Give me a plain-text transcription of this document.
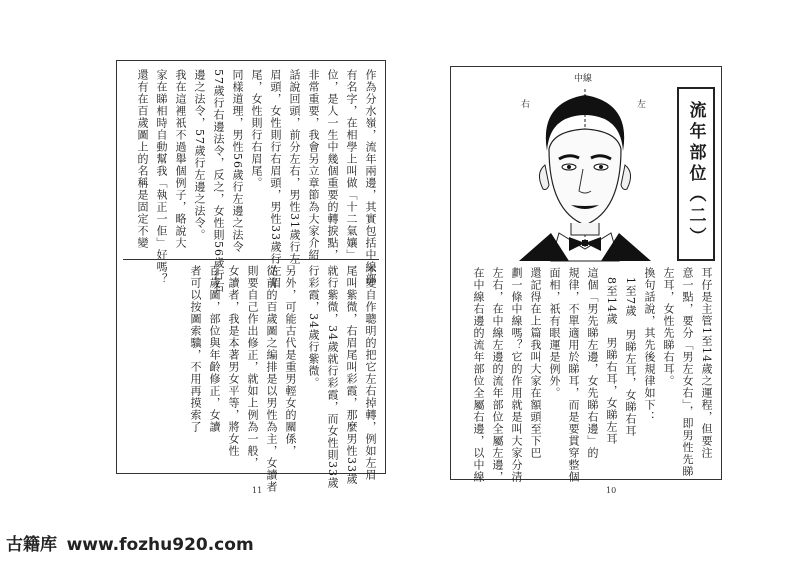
作為分水嶺，流年兩邊，其實包括中線部
有名字，在相學上叫做「十二氣孃」
位，是人一生中幾個重要的轉捩點，
非常重要，我會另立章節為大家介紹
話說回頭，前分左右，男性31歲行左
眉頭，女性則行右眉頭，男性33歲行左眉
尾，女性則行右眉尾。
同樣道理，男性56歲行左邊之法令
57歲行右邊法令，反之，女性則56歲行右
邊之法令，57歲行左邊之法令。
我在這裡祇不過舉個例子，略說大
家在睇相時自動幫我「執正一佢」好嗎？
還有在百歲圖上的名稱是固定不變
不變自作聰明的把它左右掉轉，例如左眉
尾叫紫微，右眉尾叫彩霞，那麼男性33歲
就行紫微，34歲就行彩霞，而女性則33歲
行彩霞，34歲行紫微。
另外，可能古代是重男輕女的關係，
從前的百歲圖之編排是以男性為主，女讀者
則要自己作出修正，就如上例為一般，
女讀者，我是本著男女平等，將女性
百歲圖，部位與年齡修正，女讀
者可以按圖索驥，不用再摸索了
11
流年部位（二）
中線
右	左
耳仔是主管1至14歲之運程，但要注
意一點，要分「男左女右」，即男性先睇
左耳，女性先睇右耳。
換句話說，其先後規律如下：
1至7歲　男睇左耳，女睇右耳
8至14歲　男睇右耳，女睇左耳
這個「男先睇左邊，女先睇右邊」的
規律，不單適用於睇耳，而是要貫穿整個
面相，祇有眼運是例外。
還記得在上篇我叫大家在額頭至下巴
劃一條中線嗎？它的作用就是叫大家分清
左右，在中線左邊的流年部位全屬左邊，
在中線右邊的流年部位全屬右邊，以中線
10
古籍库 www.fozhu920.com
